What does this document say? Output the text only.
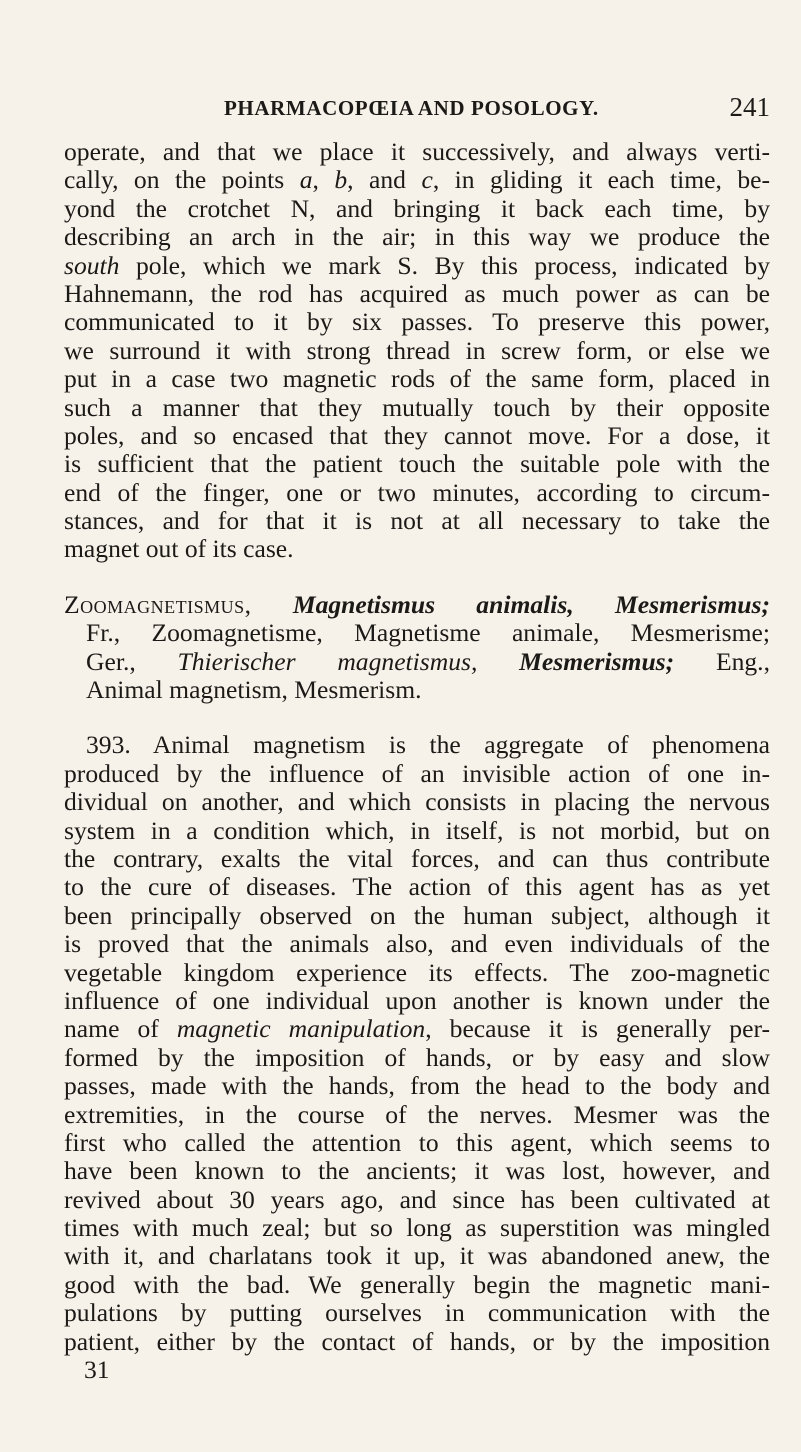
PHARMACOPŒIA AND POSOLOGY.	241
operate, and that we place it successively, and always verti-
cally, on the points a, b, and c, in gliding it each time, be-
yond the crotchet N, and bringing it back each time, by
describing an arch in the air; in this way we produce the
south pole, which we mark S. By this process, indicated by
Hahnemann, the rod has acquired as much power as can be
communicated to it by six passes. To preserve this power,
we surround it with strong thread in screw form, or else we
put in a case two magnetic rods of the same form, placed in
such a manner that they mutually touch by their opposite
poles, and so encased that they cannot move. For a dose, it
is sufficient that the patient touch the suitable pole with the
end of the finger, one or two minutes, according to circum-
stances, and for that it is not at all necessary to take the
magnet out of its case.
Zoomagnetismus, Magnetismus animalis, Mesmerismus;
Fr., Zoomagnetisme, Magnetisme animale, Mesmerisme;
Ger., Thierischer magnetismus, Mesmerismus; Eng.,
Animal magnetism, Mesmerism.
393. Animal magnetism is the aggregate of phenomena
produced by the influence of an invisible action of one in-
dividual on another, and which consists in placing the nervous
system in a condition which, in itself, is not morbid, but on
the contrary, exalts the vital forces, and can thus contribute
to the cure of diseases. The action of this agent has as yet
been principally observed on the human subject, although it
is proved that the animals also, and even individuals of the
vegetable kingdom experience its effects. The zoo-magnetic
influence of one individual upon another is known under the
name of magnetic manipulation, because it is generally per-
formed by the imposition of hands, or by easy and slow
passes, made with the hands, from the head to the body and
extremities, in the course of the nerves. Mesmer was the
first who called the attention to this agent, which seems to
have been known to the ancients; it was lost, however, and
revived about 30 years ago, and since has been cultivated at
times with much zeal; but so long as superstition was mingled
with it, and charlatans took it up, it was abandoned anew, the
good with the bad. We generally begin the magnetic mani-
pulations by putting ourselves in communication with the
patient, either by the contact of hands, or by the imposition
31
